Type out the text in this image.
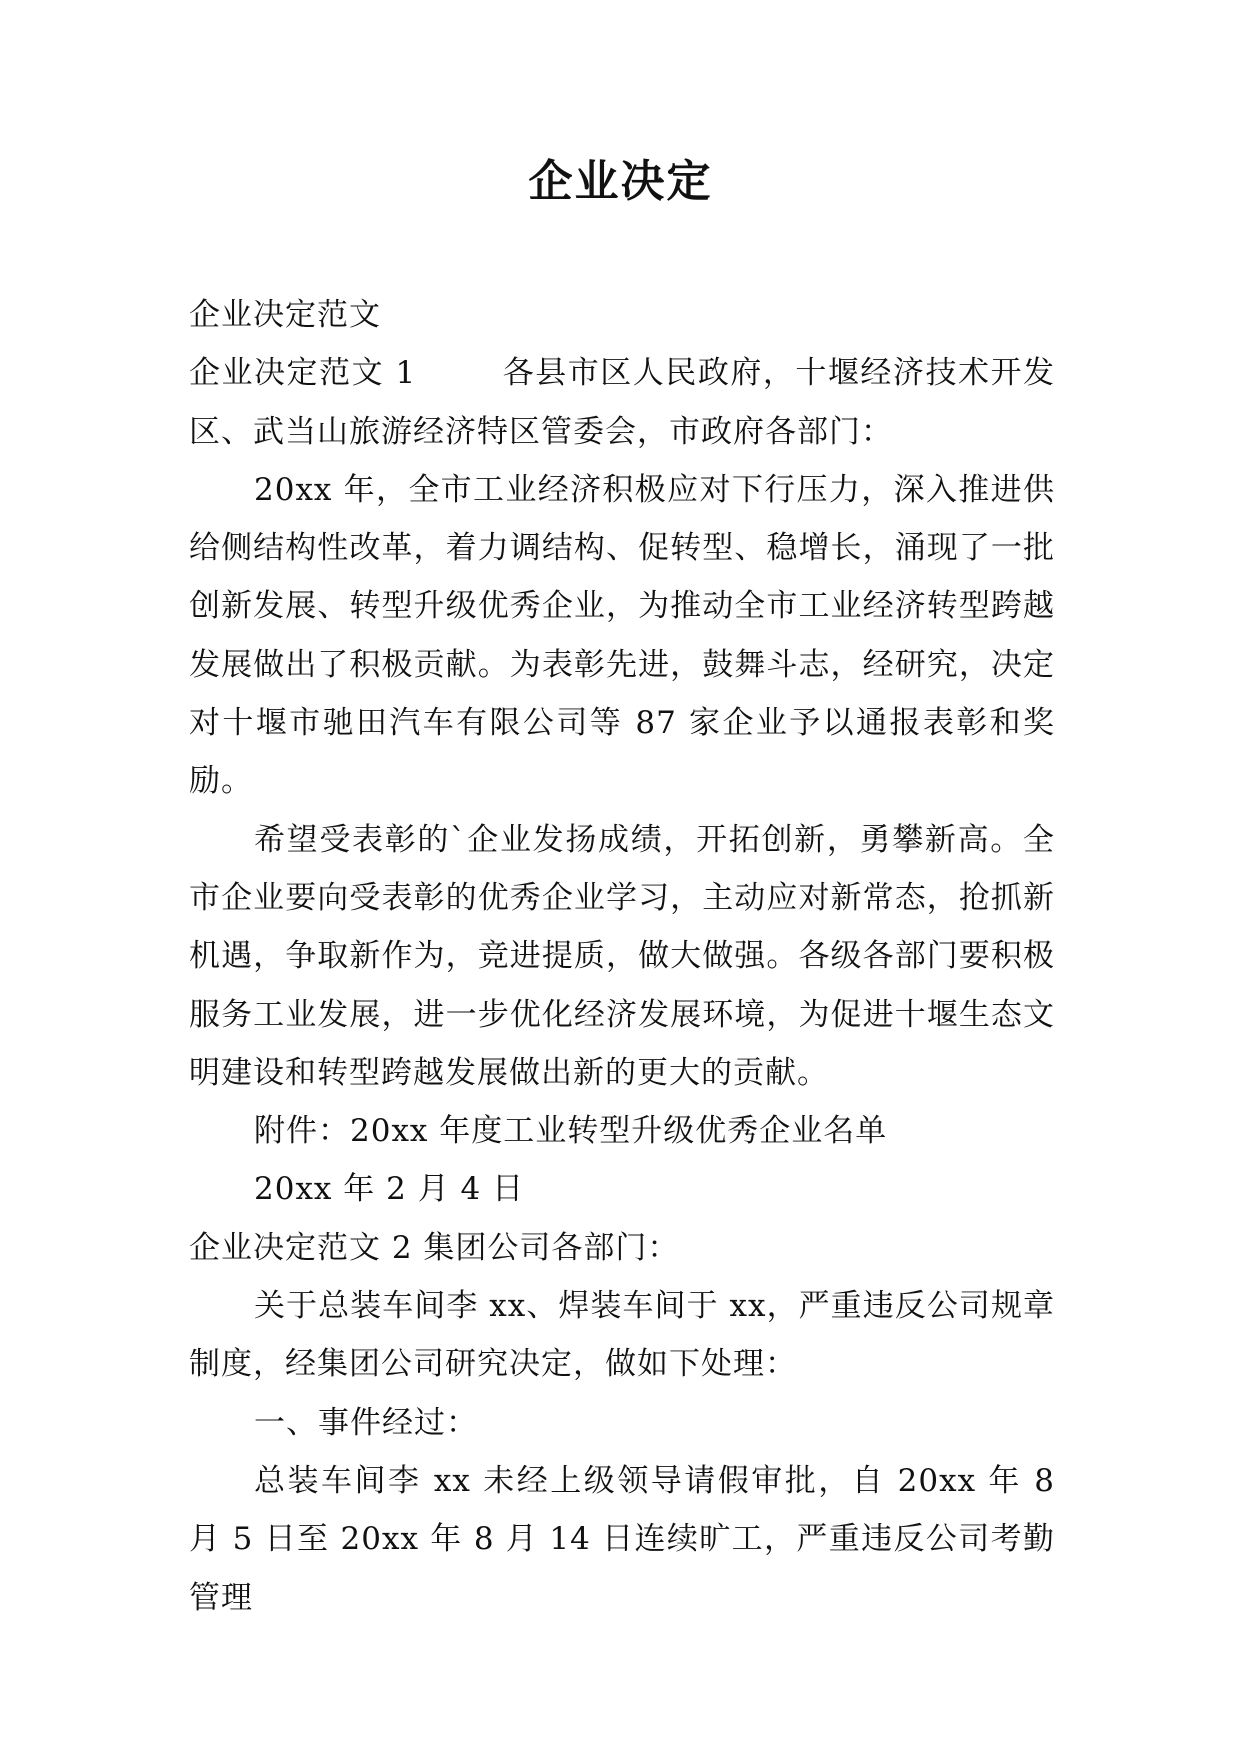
企业决定

企业决定范文

企业决定范文 1	各县市区人民政府，十堰经济技术开发区、武当山旅游经济特区管委会，市政府各部门：

20xx 年，全市工业经济积极应对下行压力，深入推进供给侧结构性改革，着力调结构、促转型、稳增长，涌现了一批创新发展、转型升级优秀企业，为推动全市工业经济转型跨越发展做出了积极贡献。为表彰先进，鼓舞斗志，经研究，决定对十堰市驰田汽车有限公司等 87 家企业予以通报表彰和奖励。

希望受表彰的`企业发扬成绩，开拓创新，勇攀新高。全市企业要向受表彰的优秀企业学习，主动应对新常态，抢抓新机遇，争取新作为，竞进提质，做大做强。各级各部门要积极服务工业发展，进一步优化经济发展环境，为促进十堰生态文明建设和转型跨越发展做出新的更大的贡献。

附件：20xx 年度工业转型升级优秀企业名单

20xx 年 2 月 4 日

企业决定范文 2 集团公司各部门：

关于总装车间李 xx、焊装车间于 xx，严重违反公司规章制度，经集团公司研究决定，做如下处理：

一、事件经过：

总装车间李 xx 未经上级领导请假审批，自 20xx 年 8 月 5 日至 20xx 年 8 月 14 日连续旷工，严重违反公司考勤管理
